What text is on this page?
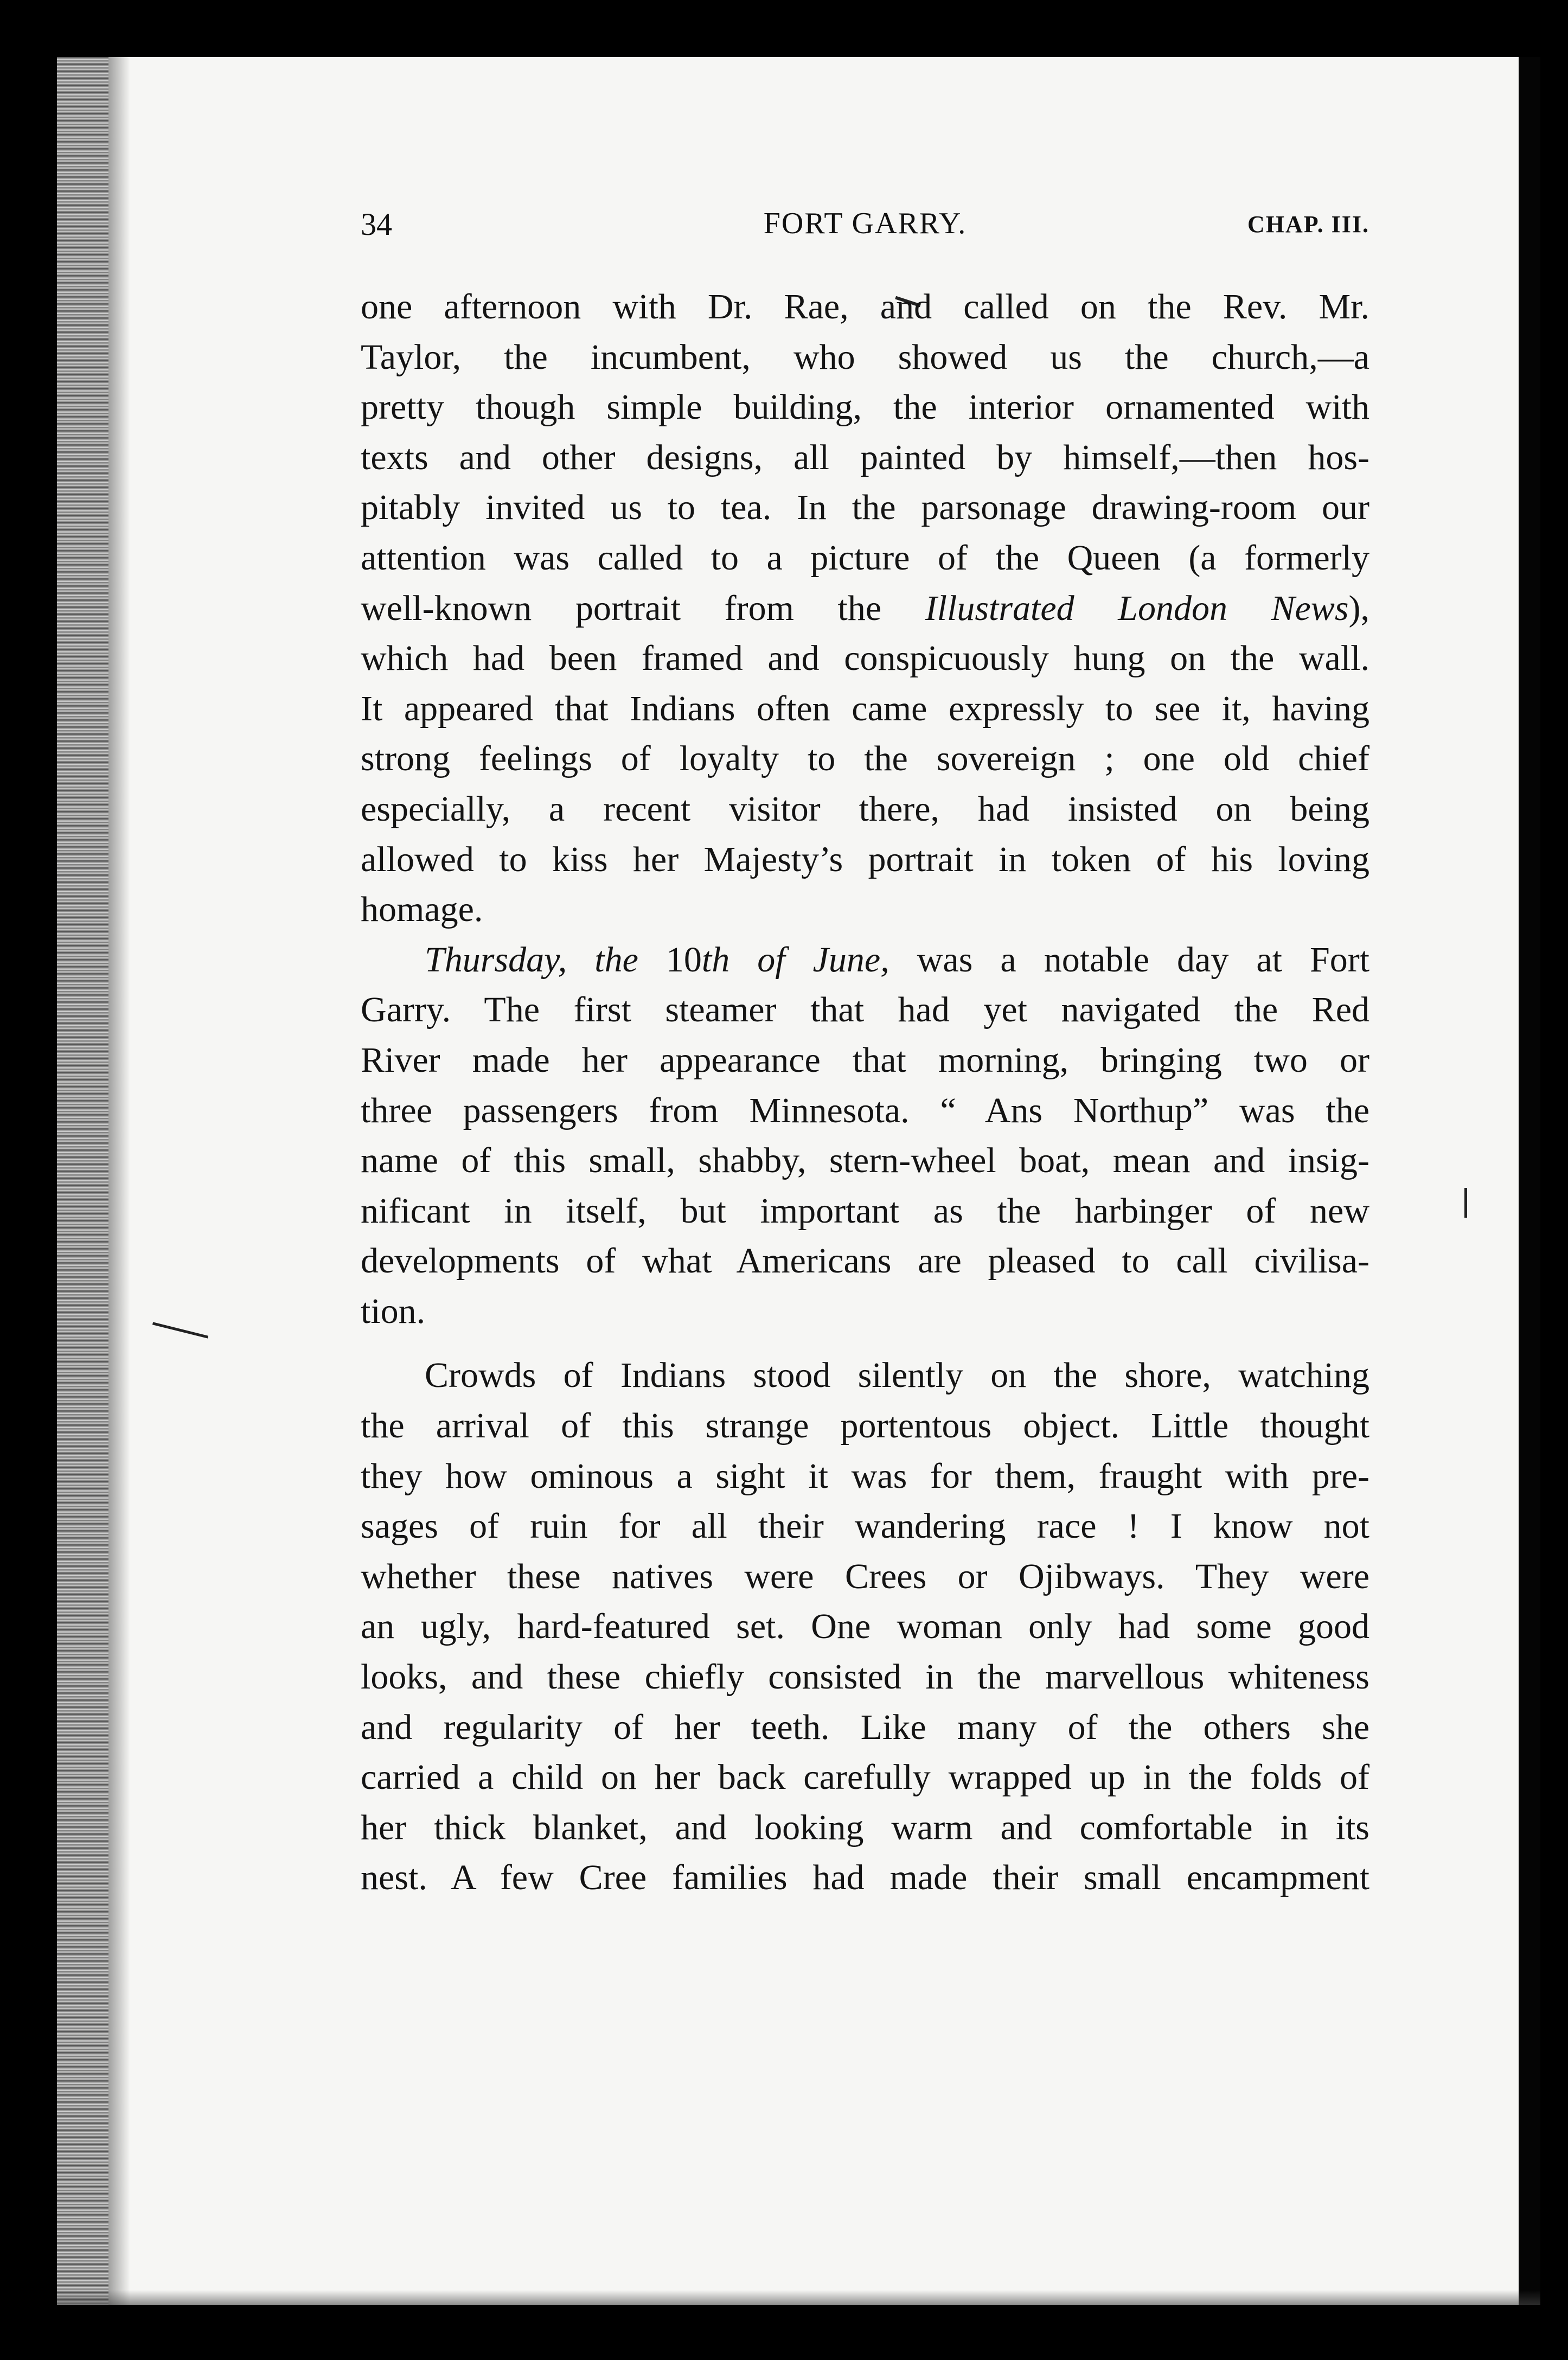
34	FORT GARRY.	CHAP. III.
one afternoon with Dr. Rae, and called on the Rev. Mr.
Taylor, the incumbent, who showed us the church,—a
pretty though simple building, the interior ornamented with
texts and other designs, all painted by himself,—then hos-
pitably invited us to tea. In the parsonage drawing-room our
attention was called to a picture of the Queen (a formerly
well-known portrait from the Illustrated London News),
which had been framed and conspicuously hung on the wall.
It appeared that Indians often came expressly to see it, having
strong feelings of loyalty to the sovereign ; one old chief
especially, a recent visitor there, had insisted on being
allowed to kiss her Majesty’s portrait in token of his loving
homage.
Thursday, the 10th of June, was a notable day at Fort
Garry. The first steamer that had yet navigated the Red
River made her appearance that morning, bringing two or
three passengers from Minnesota. “ Ans Northup” was the
name of this small, shabby, stern-wheel boat, mean and insig-
nificant in itself, but important as the harbinger of new
developments of what Americans are pleased to call civilisa-
tion.
Crowds of Indians stood silently on the shore, watching
the arrival of this strange portentous object. Little thought
they how ominous a sight it was for them, fraught with pre-
sages of ruin for all their wandering race ! I know not
whether these natives were Crees or Ojibways. They were
an ugly, hard-featured set. One woman only had some good
looks, and these chiefly consisted in the marvellous whiteness
and regularity of her teeth. Like many of the others she
carried a child on her back carefully wrapped up in the folds of
her thick blanket, and looking warm and comfortable in its
nest. A few Cree families had made their small encampment
